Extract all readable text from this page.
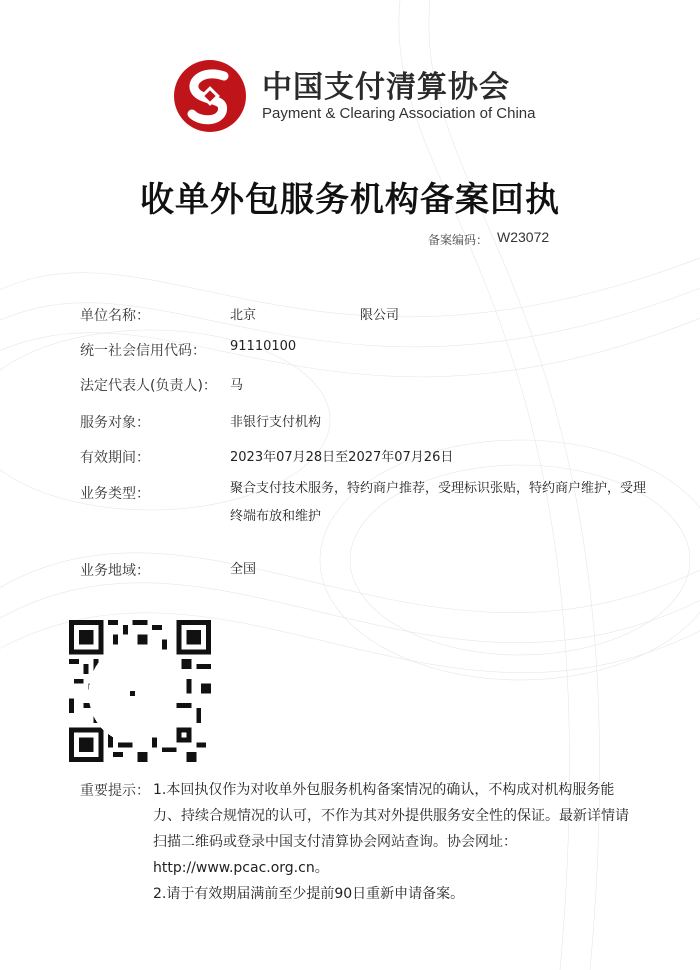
中国支付清算协会
Payment & Clearing Association of China
收单外包服务机构备案回执
备案编码： W23072
单位名称：	北京　　　　　　　　限公司
统一社会信用代码： 91110100
法定代表人(负责人)： 马
服务对象：	非银行支付机构
有效期间：	2023年07月28日至2027年07月26日
业务类型：	聚合支付技术服务，特约商户推荐，受理标识张贴，特约商户维护，受理终端布放和维护
业务地域：	全国
重要提示： 1.本回执仅作为对收单外包服务机构备案情况的确认，不构成对机构服务能力、持续合规情况的认可，不作为其对外提供服务安全性的保证。最新详情请扫描二维码或登录中国支付清算协会网站查询。协会网址：http://www.pcac.org.cn。
2.请于有效期届满前至少提前90日重新申请备案。
